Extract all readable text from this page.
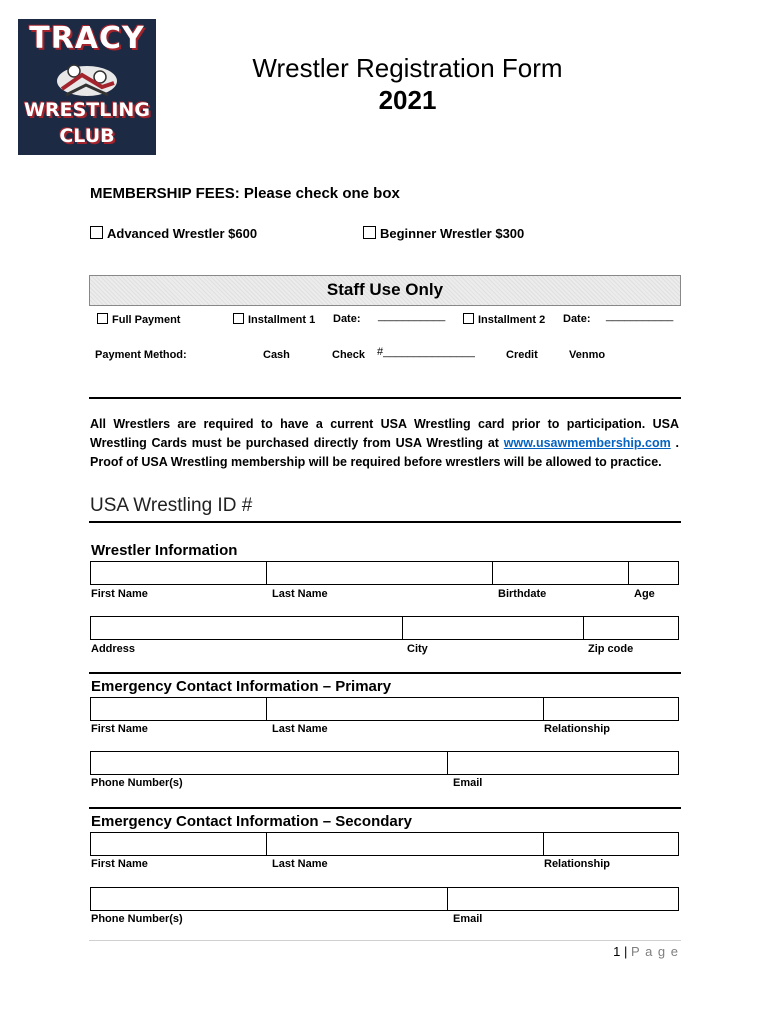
TRACY
WRESTLING
CLUB
Wrestler Registration Form
2021
MEMBERSHIP FEES: Please check one box
Advanced Wrestler $600	Beginner Wrestler $300
Staff Use Only
Full Payment	Installment 1 Date: ___________	Installment 2 Date: ___________
Payment Method:	Cash	Check #_______________	Credit	Venmo
All Wrestlers are required to have a current USA Wrestling card prior to participation. USA Wrestling Cards must be purchased directly from USA Wrestling at www.usawmembership.com . Proof of USA Wrestling membership will be required before wrestlers will be allowed to practice.
USA Wrestling ID #
Wrestler Information
First Name	Last Name	Birthdate	Age
Address	City	Zip code
Emergency Contact Information – Primary
First Name	Last Name	Relationship
Phone Number(s)	Email
Emergency Contact Information – Secondary
First Name	Last Name	Relationship
Phone Number(s)	Email
1 | P a g e
